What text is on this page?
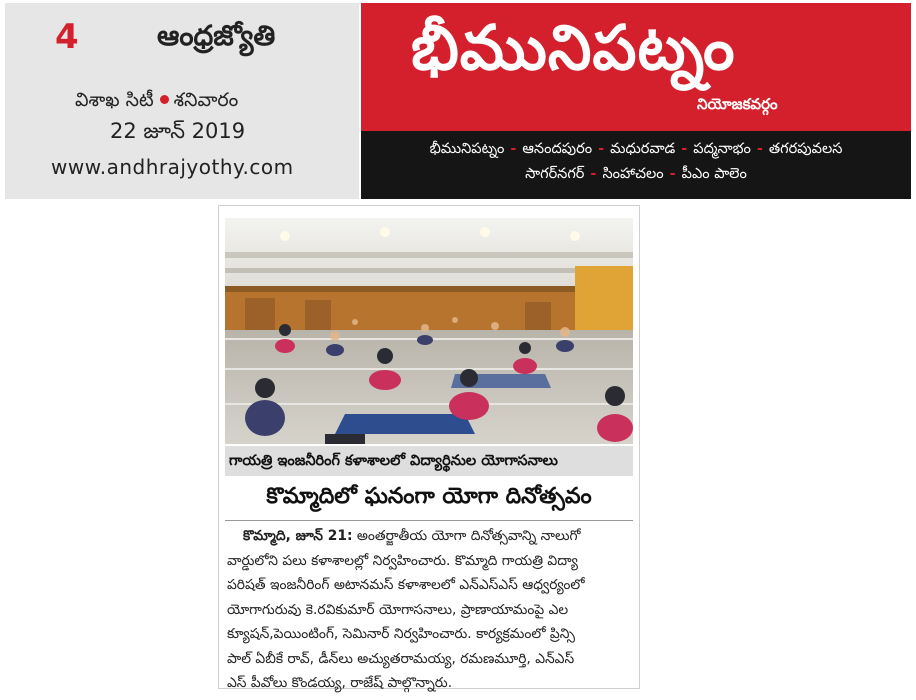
4	ఆంధ్రజ్యోతి
విశాఖ సిటీ శనివారం
22 జూన్ 2019
www.andhrajyothy.com
భీమునిపట్నం
నియోజకవర్గం
భీమునిపట్నం - ఆనందపురం - మధురవాడ - పద్మనాభం - తగరపువలస
సాగర్‌నగర్ - సింహాచలం - పీఎం పాలెం
గాయత్రి ఇంజనీరింగ్ కళాశాలలో విద్యార్థినుల యోగాసనాలు
కొమ్మాదిలో ఘనంగా యోగా దినోత్సవం
కొమ్మాది, జూన్ 21: అంతర్జాతీయ యోగా దినోత్సవాన్ని నాలుగో
వార్డులోని పలు కళాశాలల్లో నిర్వహించారు. కొమ్మాది గాయత్రి విద్యా
పరిషత్ ఇంజనీరింగ్ అటానమస్ కళాశాలలో ఎన్ఎస్ఎస్ ఆధ్వర్యంలో
యోగాగురువు కె.రవికుమార్ యోగాసనాలు, ప్రాణాయామంపై ఎల
క్యూషన్,పెయింటింగ్, సెమినార్ నిర్వహించారు. కార్యక్రమంలో ప్రిన్సి
పాల్ ఏబీకే రావ్, డీన్‌లు అచ్యుతరామయ్య, రమణమూర్తి, ఎన్ఎస్
ఎస్ పీవోలు కొండయ్య, రాజేష్ పాల్గొన్నారు.
